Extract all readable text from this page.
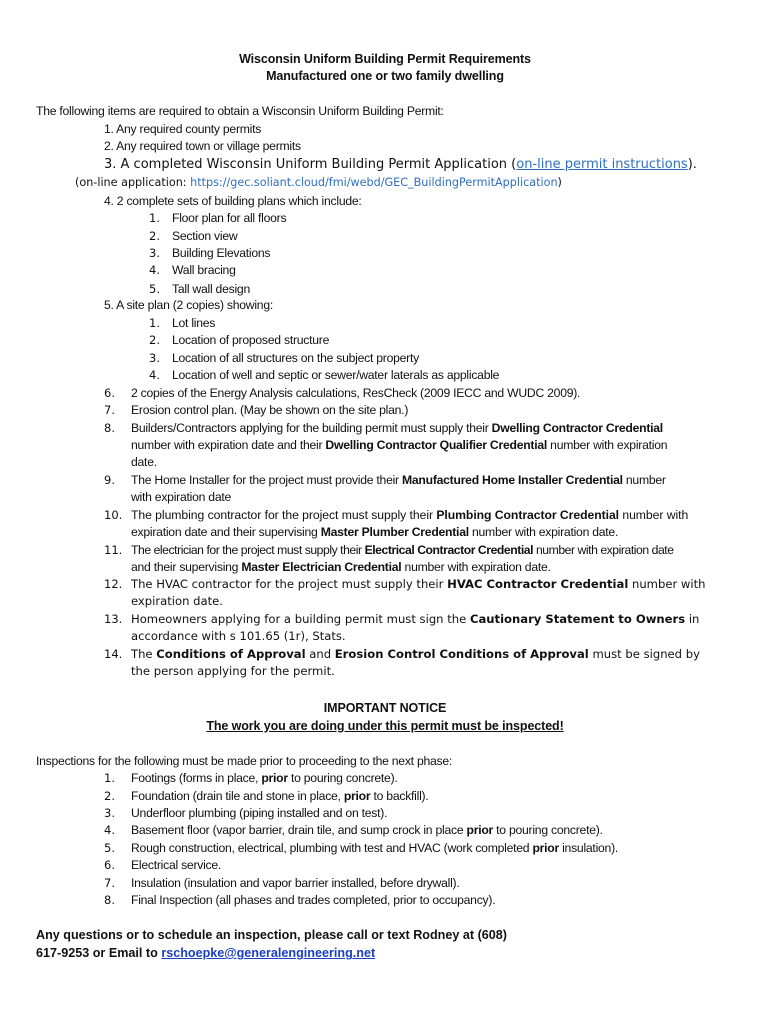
Wisconsin Uniform Building Permit Requirements
Manufactured one or two family dwelling
The following items are required to obtain a Wisconsin Uniform Building Permit:
1. Any required county permits
2. Any required town or village permits
3. A completed Wisconsin Uniform Building Permit Application (on-line permit instructions).
(on-line application: https://gec.soliant.cloud/fmi/webd/GEC_BuildingPermitApplication)
4. 2 complete sets of building plans which include:
1. Floor plan for all floors
2. Section view
3. Building Elevations
4. Wall bracing
5. Tall wall design
5. A site plan (2 copies) showing:
1. Lot lines
2. Location of proposed structure
3. Location of all structures on the subject property
4. Location of well and septic or sewer/water laterals as applicable
6. 2 copies of the Energy Analysis calculations, ResCheck (2009 IECC and WUDC 2009).
7. Erosion control plan. (May be shown on the site plan.)
8. Builders/Contractors applying for the building permit must supply their Dwelling Contractor Credential
number with expiration date and their Dwelling Contractor Qualifier Credential number with expiration
date.
9. The Home Installer for the project must provide their Manufactured Home Installer Credential number
with expiration date
10. The plumbing contractor for the project must supply their Plumbing Contractor Credential number with
expiration date and their supervising Master Plumber Credential number with expiration date.
11. The electrician for the project must supply their Electrical Contractor Credential number with expiration date
and their supervising Master Electrician Credential number with expiration date.
12. The HVAC contractor for the project must supply their HVAC Contractor Credential number with
expiration date.
13. Homeowners applying for a building permit must sign the Cautionary Statement to Owners in
accordance with s 101.65 (1r), Stats.
14. The Conditions of Approval and Erosion Control Conditions of Approval must be signed by
the person applying for the permit.
IMPORTANT NOTICE
The work you are doing under this permit must be inspected!
Inspections for the following must be made prior to proceeding to the next phase:
1. Footings (forms in place, prior to pouring concrete).
2. Foundation (drain tile and stone in place, prior to backfill).
3. Underfloor plumbing (piping installed and on test).
4. Basement floor (vapor barrier, drain tile, and sump crock in place prior to pouring concrete).
5. Rough construction, electrical, plumbing with test and HVAC (work completed prior insulation).
6. Electrical service.
7. Insulation (insulation and vapor barrier installed, before drywall).
8. Final Inspection (all phases and trades completed, prior to occupancy).
Any questions or to schedule an inspection, please call or text Rodney at (608)
617-9253 or Email to rschoepke@generalengineering.net
